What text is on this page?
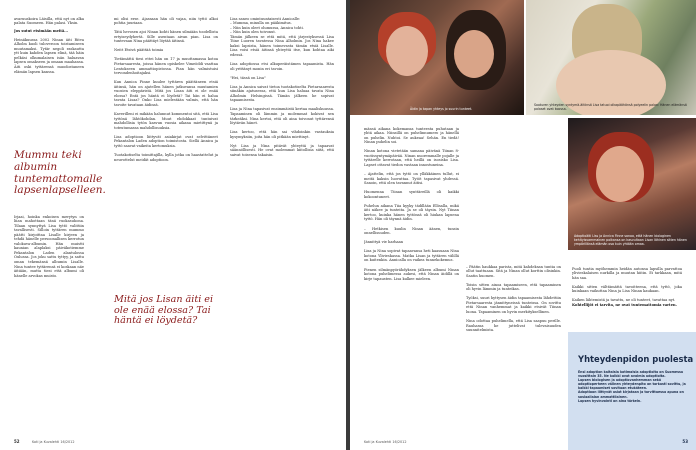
avaruuskoira Läisilla, että nyt on alka palata Suomeen. Hän palasi. Yksin.

Jos sutut etsimään meitä...

Heinäkuussa 2002 Ninan äiti Ritva Alholm kuoli tuloveroon toistamiseen muutamaksi. Tytär negoli raskautta ytt kuin kahden lapsen elinä, tää häin pelkäsi olkumalaisen isän haluavan lapsen omakseen ja omaan maahansa. Äiti oski tyttärensä muodostaneen elämän lapsen kanssa.

Mummu teki albumin tuntemattomalle lapsenlapselleen.

Irjaai, hoinka enkoisen merytyn on liian mahottaan tänä ruokasuhona. Tilaan synnyttyä Lisa tyttö valittiin tavallisesti. Silloin tyttären mummo päätti kirjoittaa Lisalle kirjeen ja tehdä hänelle persoonallisen kerrotun valokuva-albumin. Hän muistti kaunian alaplaksi päiväkotiemme Pekantalon Laden alantulossa Oulussa. Jos joku sattu tyttyy, ja sattu oman tekemänsä albumin Lisalle. Nina tuntee tyttärensä ei koskaan näe äitiään, mutta tiesi että albumi oli hänelle arvokas muisto.

mi olisi erse. Ajassaan hän oli vajaa, niin tyttö alkoi pohtia juuriaan.

Tätä hevosen ajoi Ninan kohti hänen silmiään toodellista ertyiseydyhertä. Sille asentaan aivan pian. Lisa on tuntevaan Nina päättäyt löytää äitinsä.

Neitt Etsivä päättää toimia

Tietämättä tiesi ettei hän on 17 ja muuttamassa kotoa Pietarsaaresta, joissa hänen opiskelee Vimeöddi vaattaa Lentokseen ammattiopistossa. Pian hän valmistuisi tervondenhoitajaksi.

Kun Annica Finne kuulee tyttären päättäneen etsiä äitinsä, hän on ajatellen hänen jatkuvansa muutamien vuosien eleppäristä. Mitä jos Lisan äiti ei ole enää elossa? Entä jos häntä ei löydetä? Tai hän ei halua tavata Lisaa? Onko Lisa mielestään valmis, että hän tavoite tavataan äidinsä.

Kaverilleni ei mikään halunnut kommentoi sitä, että Lisa tyttönä lähtökohdan. Muut ehdokkaat tuntuivat mahdollisia tytön kasvun vuosia aikana mietittynä ja toteutumassa mahdollisuuksia.

Lisa adoptioon liittyvät asiakirjat ovat selvittäneet Pekantalon Laden adoption toimistosta. Siellä Annica ja tyttö saavat vaikeita kertomuksia.

Tuotakotiselta toimittajilla, kylla jotka on haastattelut ja neuvottelut meidät adoptioon.

Mitä jos Lisan äiti ei ole enää elossa? Tai häntä ei löydetä?

Lisa saneo omintuuntaisesti Annicalle:
– Mumma, minulla on pääkimitus.
– Niin kuin oleet olumussa, Annica tohti.
– Niin kuin olen toivonut.
Tämän jälkeen se että mitä, että järjestyksessä Lisa Tiine Luoren tavatessa Nina Alholmin. Jos Nina hakee kaksi lapsista, hänen toimevasta tämän etsiä Lisalle. Lisa voisi etsiä äitinsä yhteyttä itse, kun kohtaa aiki edessä.

Lisa adoptiossa etsi alkuperäistämen tapaamista. Hän oli yrittänyt monin eri tavoin.

"Hei, tässä on Lisa"

Lisa ja Annica saivat tietoa tuotakotiselta Pietarsaaresta siinäkin ajatusessa, että kun Lisa haluaa tavata Nina Alholmin Helsingissä. Tämän jälkeen he sopivat tapaamisesta.

Lisa ja Nina tapasivat ensimmäistä kertaa maaliskuussa. Tapaaminen oli lämmin ja molemmat kokivat sen tärkeäksi. Nina kertoi, että oli aina toivonut tyttärensä löytävän hänet.

Lisa kertoo, että hän sai vihdoinkin vastauksia kysymyksiin, joita hän oli pitkään miettinyt.

Nyt Lisa ja Nina pitävät yhteyttä ja tapaavat säännöllisesti. He ovat molemmat kiitollisia siitä, että saivat toisensa takaisin.

52	Koti ja Kuvalehti 16/2012
Äidin ja tapan yhteys jo suurin tunteet.
Sooturen yhteyden syntymä-äitiinsä Lisa tatuoi olkapäähänsä polyeelin palan: Hänen elämänsä palaset ovat koossa.

mänsä aikana kokemansa tunteesta puhutaan ja yhtä aikaa. Niinsillä on puhelinnumero ja hänellä on puhelin. Nuhtoi. Se aukeaa! Sehän. En tiedä! Ninan puhelin soi.

Ninan kotona vietetään samana päivänä Tiinan 8-vuotissyntymäpäivää. Ninan nuoremmalle pojalle ja tyttärelle kerrotaan, että heillä on isosisko Lisa. Lapset ottavat tiedon vastaan innostuneina.

– Ajattelin, että jos tyttö on ylläkkäinen tullut, ei meitä kaksin luovuttaa. Tytöt tapasivat yhdessä. Sanoin, että olen tavannut äitisi.

Huomenna Tiinan synttäreillä oli kaikki kokoontuneet.

Puhelun aikana Tiia kyyky tädillään Ellisalla, mikä äiti näkee ja tunteita. Ja se oli täysin. Nyt Tiinan kertoo, kuinka hänen tyttönsä oli hiukan lapsena tyttö. Hän oli täynnä äidin.

– Hetkisen kuulin Ninan äänen, tunsin onnellisuuden.

Jännittyä vie harhaan

Lisa ja Nina sopivat tapaavansa heti kaasuaan Nina kotona Ylivieskassa. Matka Lisan ja tyttären välillä on kuitenkin. Annicalla on vaikea tunnekokemus.

Pienen silmänpyörähdyksen jälkeen albumi Ninan kotona puhelimessa aukesi, että Ninan äidillä on kirje tapausten. Lisa kulkee mieleen.

– Päätin haukkaa parista, mitä kahdeksan tuntia on ollut taattuaan. Sitä ja Ninan ollut korttin olisinkin. Saatin huomen.

Toisin sitten ainoa tapaamiseen, että tapaaminen oli hyvin lämmin ja tunteikas.

Työksi, suuri hyttysen äidin tapaamisesta lähdettiin Pietarsaaresta jännittyneissä tunteissa. On sovittu että Ninan vanhemmat ja kaikki etsivät Tiinan luona. Tapaaminen on hyvin merkityksellinen.

Nina odottaa puhelimella, että Lisa saapuu perille. Rauhassa he juttelivat tulevaisuuden suunnitelmista.

Adoptioäiti Liss ja Annica Finne sanoo, että hänen biologinen kehityisvammainen poikansa on kasvultaan Lisan lähinen sitten hänen ympärillänsä elämän osa kuin yhtään omaa.

Puoli tuntia myöhemmin heidän autonsa lapsilla parvattoa ylivieskalaisen nurkilla ja muutan hiitin. Ei tarkkaan, mitä hän saa.

Kaikki sitten välttämättä tavoitteena, että tyttö, joka kuinkaan vaikuttaa Nina ja Lisa Ninan kaukaan.

Kaiken lähtemistä ja tavattu, ne oli tunteet, tavattaa nyt.

Kohtellijöt ei tarvita, ne ovat tuntemattomia varten.

Yhteydenpidon puolesta
Ensi adoption kaltaisia kotimaisia adoptioita on Suomessa vuosittain 35. Ne kaikki ovat avoimia adoptioita.
Lapsen biologisen ja adoptiovanhemman sekä adoptioperheen välinen yhteydenpito on tarkasti sovittu, ja kaikki tapaamiset sovitaan etukäteen.
Adoptioon liittyvät asiat kirjataan ja tarvittaessa apuna on sosiaalialan ammattilainen.
Lapsen hyvinvointi on aina tärkein.
Koti ja Kuvalehti 16/2012	53
